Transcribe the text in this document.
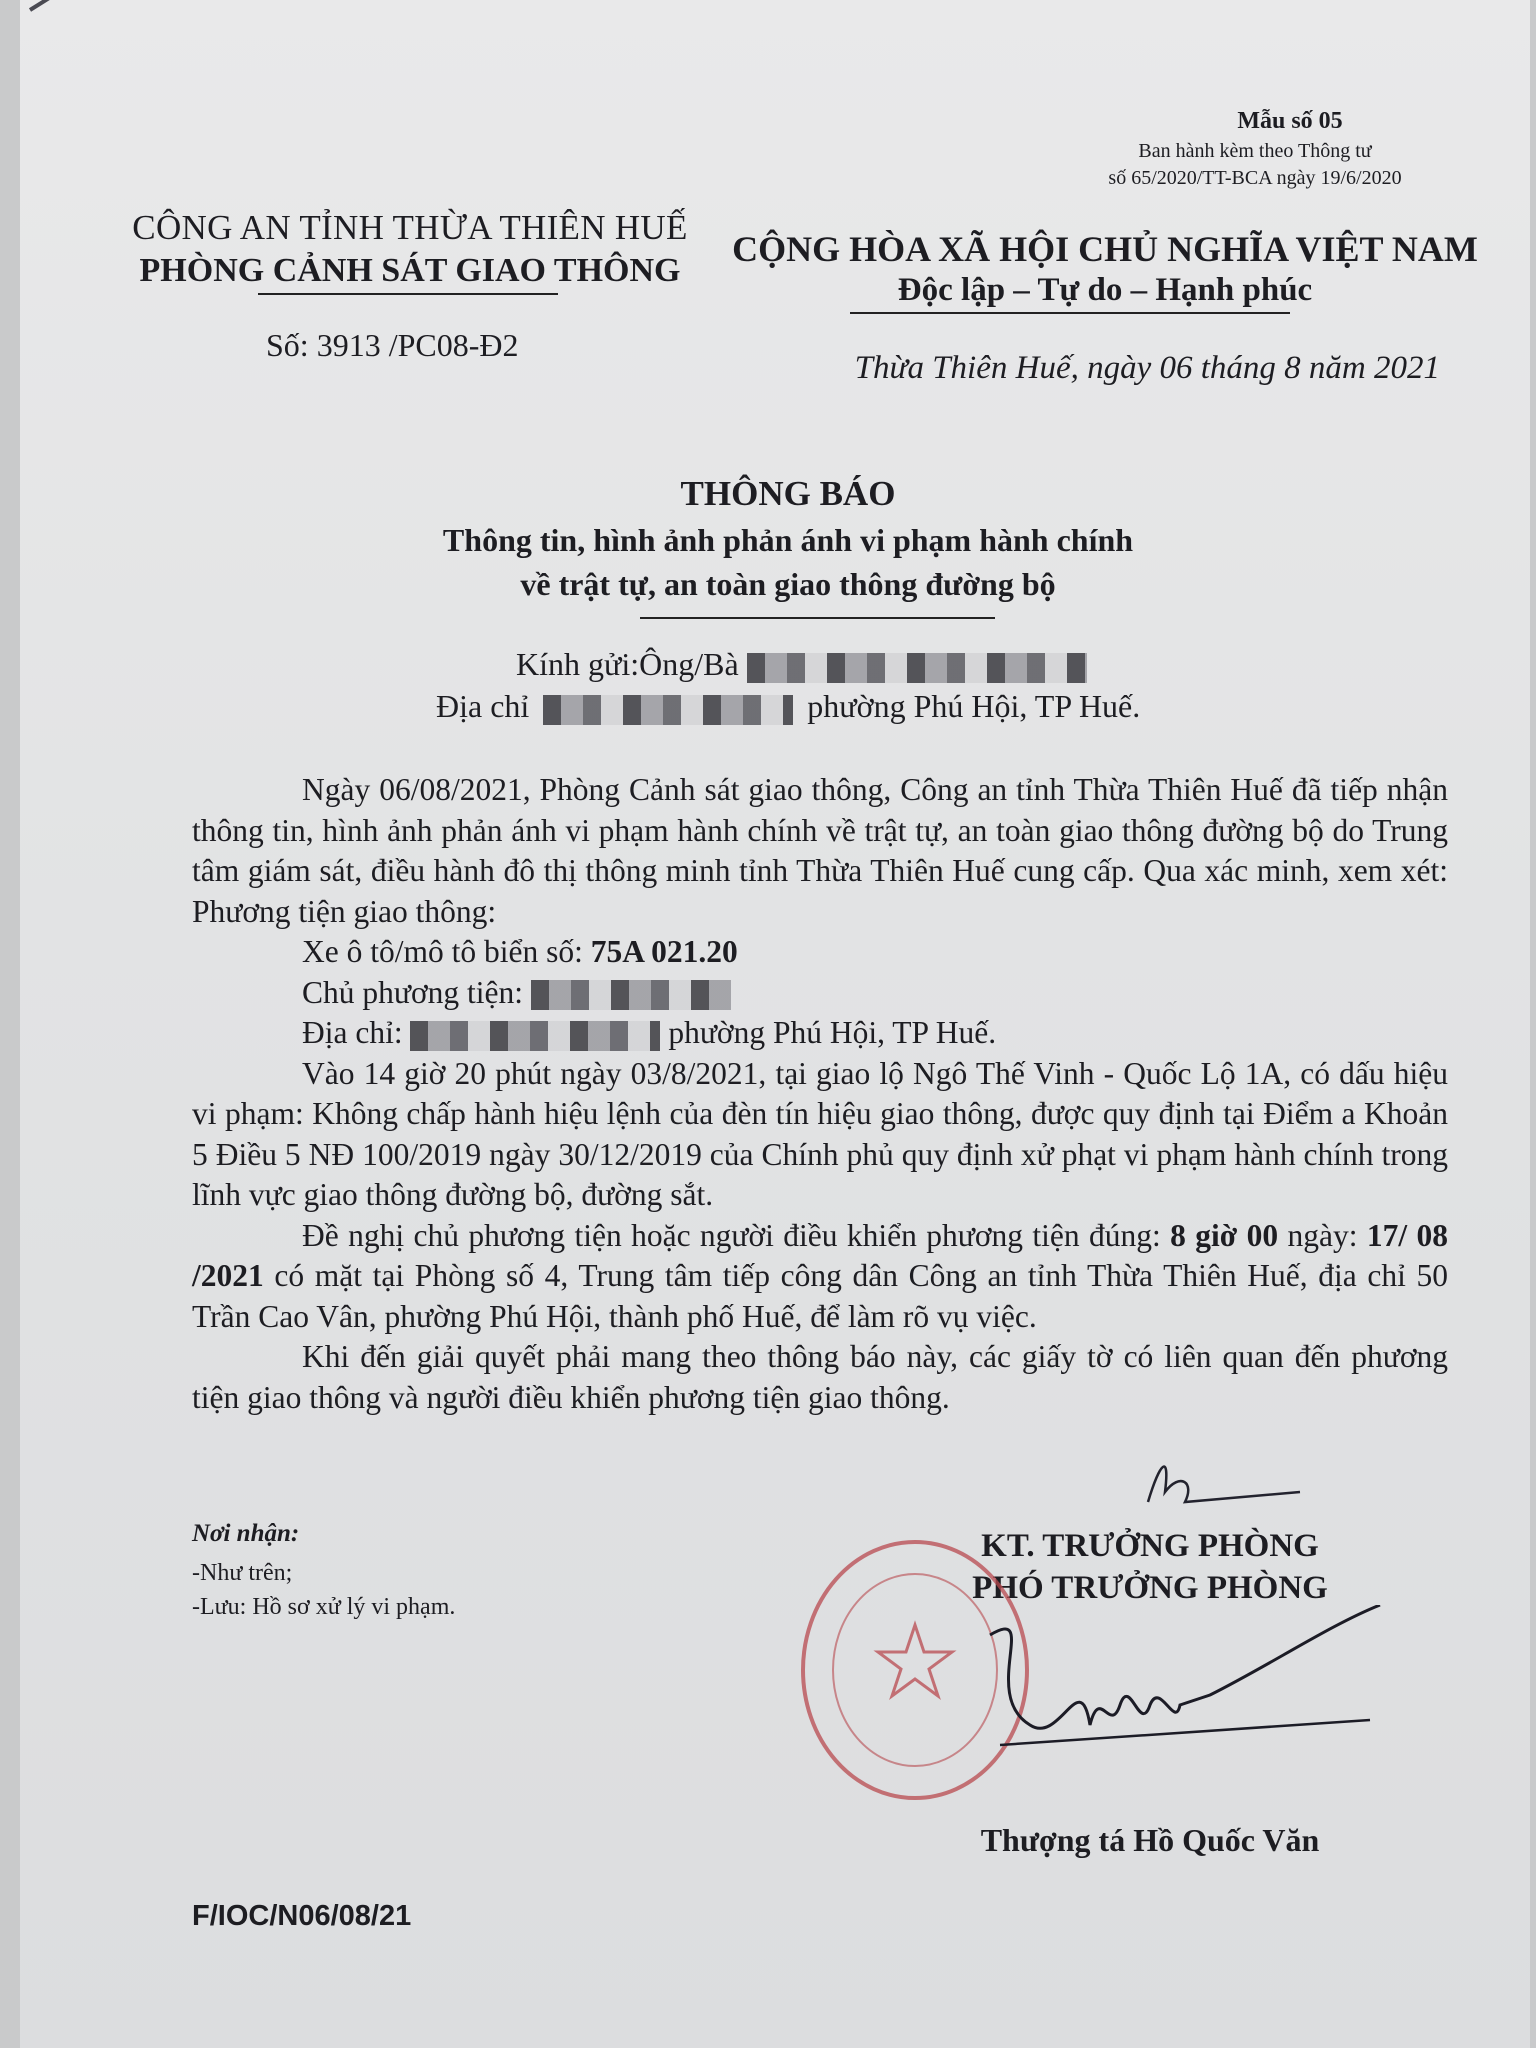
Mẫu số 05
Ban hành kèm theo Thông tư
số 65/2020/TT-BCA ngày 19/6/2020
CÔNG AN TỈNH THỪA THIÊN HUẾ
PHÒNG CẢNH SÁT GIAO THÔNG
Số: 3913 /PC08-Đ2
CỘNG HÒA XÃ HỘI CHỦ NGHĨA VIỆT NAM
Độc lập – Tự do – Hạnh phúc
Thừa Thiên Huế, ngày 06 tháng 8 năm 2021
THÔNG BÁO
Thông tin, hình ảnh phản ánh vi phạm hành chính
về trật tự, an toàn giao thông đường bộ
Kính gửi:Ông/Bà
Địa chỉ	phường Phú Hội, TP Huế.

Ngày 06/08/2021, Phòng Cảnh sát giao thông, Công an tỉnh Thừa Thiên Huế đã tiếp nhận thông tin, hình ảnh phản ánh vi phạm hành chính về trật tự, an toàn giao thông đường bộ do Trung tâm giám sát, điều hành đô thị thông minh tỉnh Thừa Thiên Huế cung cấp. Qua xác minh, xem xét: Phương tiện giao thông:

Xe ô tô/mô tô biển số: 75A 021.20

Chủ phương tiện:

Địa chỉ:	phường Phú Hội, TP Huế.

Vào 14 giờ 20 phút ngày 03/8/2021, tại giao lộ Ngô Thế Vinh - Quốc Lộ 1A, có dấu hiệu vi phạm: Không chấp hành hiệu lệnh của đèn tín hiệu giao thông, được quy định tại Điểm a Khoản 5 Điều 5 NĐ 100/2019 ngày 30/12/2019 của Chính phủ quy định xử phạt vi phạm hành chính trong lĩnh vực giao thông đường bộ, đường sắt.

Đề nghị chủ phương tiện hoặc người điều khiển phương tiện đúng: 8 giờ 00 ngày: 17/ 08 /2021 có mặt tại Phòng số 4, Trung tâm tiếp công dân Công an tỉnh Thừa Thiên Huế, địa chỉ 50 Trần Cao Vân, phường Phú Hội, thành phố Huế, để làm rõ vụ việc.

Khi đến giải quyết phải mang theo thông báo này, các giấy tờ có liên quan đến phương tiện giao thông và người điều khiển phương tiện giao thông.

Nơi nhận:
-Như trên;
-Lưu: Hồ sơ xử lý vi phạm.
KT. TRƯỞNG PHÒNG
PHÓ TRƯỞNG PHÒNG
Thượng tá Hồ Quốc Văn
F/IOC/N06/08/21
